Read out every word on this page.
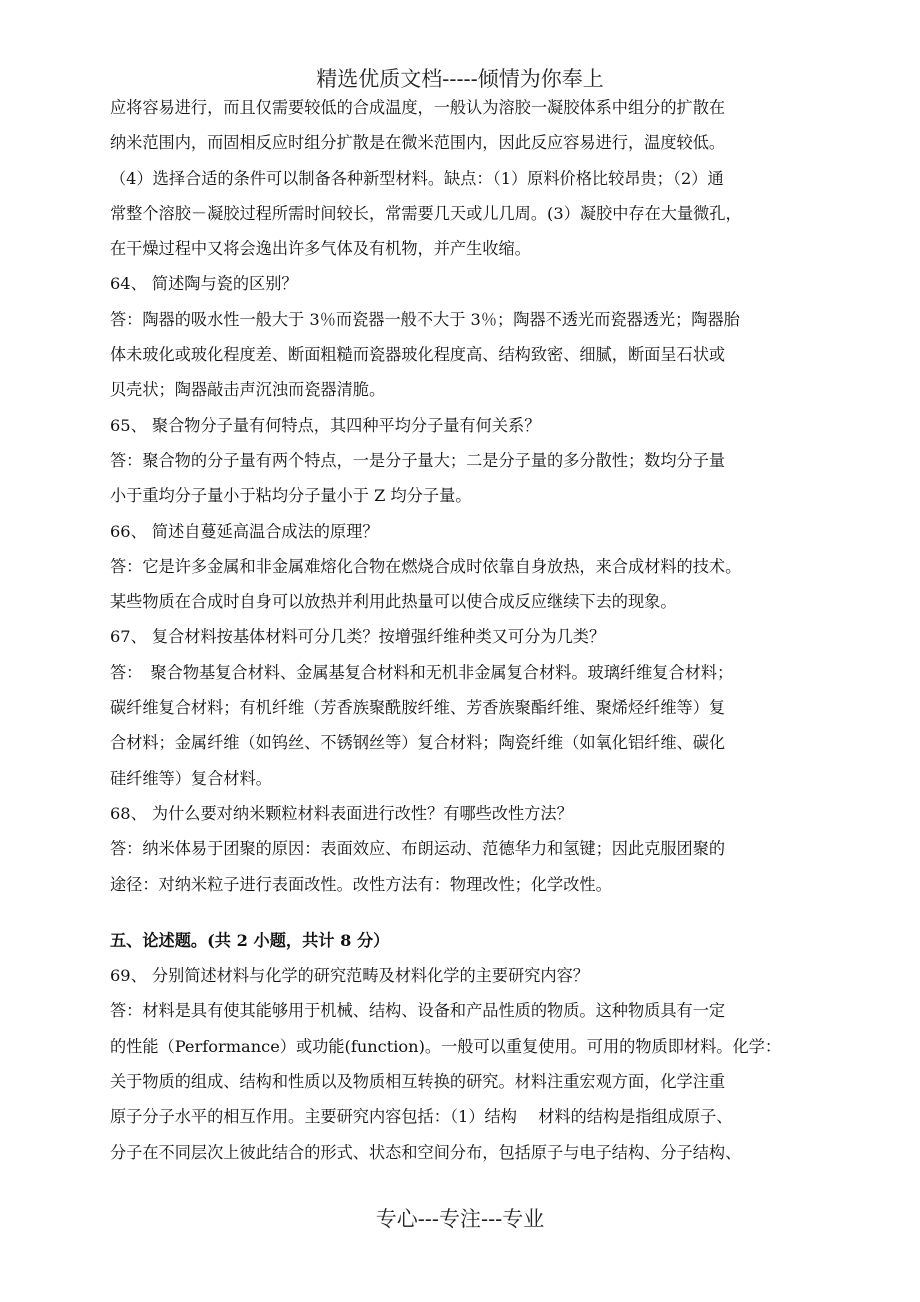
精选优质文档-----倾情为你奉上
应将容易进行，而且仅需要较低的合成温度，一般认为溶胶一凝胶体系中组分的扩散在
纳米范围内，而固相反应时组分扩散是在微米范围内，因此反应容易进行，温度较低。
（4）选择合适的条件可以制备各种新型材料。缺点：（1）原料价格比较昂贵；（2）通
常整个溶胶－凝胶过程所需时间较长，常需要几天或儿几周。(3）凝胶中存在大量微孔，
在干燥过程中又将会逸出许多气体及有机物，并产生收缩。
64、 简述陶与瓷的区别？
答：陶器的吸水性一般大于 3％而瓷器一般不大于 3％；陶器不透光而瓷器透光；陶器胎
体未玻化或玻化程度差、断面粗糙而瓷器玻化程度高、结构致密、细腻，断面呈石状或
贝壳状；陶器敲击声沉浊而瓷器清脆。
65、 聚合物分子量有何特点，其四种平均分子量有何关系？
答：聚合物的分子量有两个特点，一是分子量大；二是分子量的多分散性；数均分子量
小于重均分子量小于粘均分子量小于 Z 均分子量。
66、 简述自蔓延高温合成法的原理？
答：它是许多金属和非金属难熔化合物在燃烧合成时依靠自身放热，来合成材料的技术。
某些物质在合成时自身可以放热并利用此热量可以使合成反应继续下去的现象。
67、 复合材料按基体材料可分几类？按增强纤维种类又可分为几类？
答：　聚合物基复合材料、金属基复合材料和无机非金属复合材料。玻璃纤维复合材料；
碳纤维复合材料；有机纤维（芳香族聚酰胺纤维、芳香族聚酯纤维、聚烯烃纤维等）复
合材料；金属纤维（如钨丝、不锈钢丝等）复合材料；陶瓷纤维（如氧化铝纤维、碳化
硅纤维等）复合材料。
68、 为什么要对纳米颗粒材料表面进行改性？有哪些改性方法？
答：纳米体易于团聚的原因：表面效应、布朗运动、范德华力和氢键；因此克服团聚的
途径：对纳米粒子进行表面改性。改性方法有：物理改性；化学改性。
五、论述题。(共 2 小题，共计 8 分）
69、 分别简述材料与化学的研究范畴及材料化学的主要研究内容？
答：材料是具有使其能够用于机械、结构、设备和产品性质的物质。这种物质具有一定
的性能（Performance）或功能(function)。一般可以重复使用。可用的物质即材料。化学：
关于物质的组成、结构和性质以及物质相互转换的研究。材料注重宏观方面，化学注重
原子分子水平的相互作用。主要研究内容包括：（1）结构　 材料的结构是指组成原子、
分子在不同层次上彼此结合的形式、状态和空间分布，包括原子与电子结构、分子结构、
专心---专注---专业
